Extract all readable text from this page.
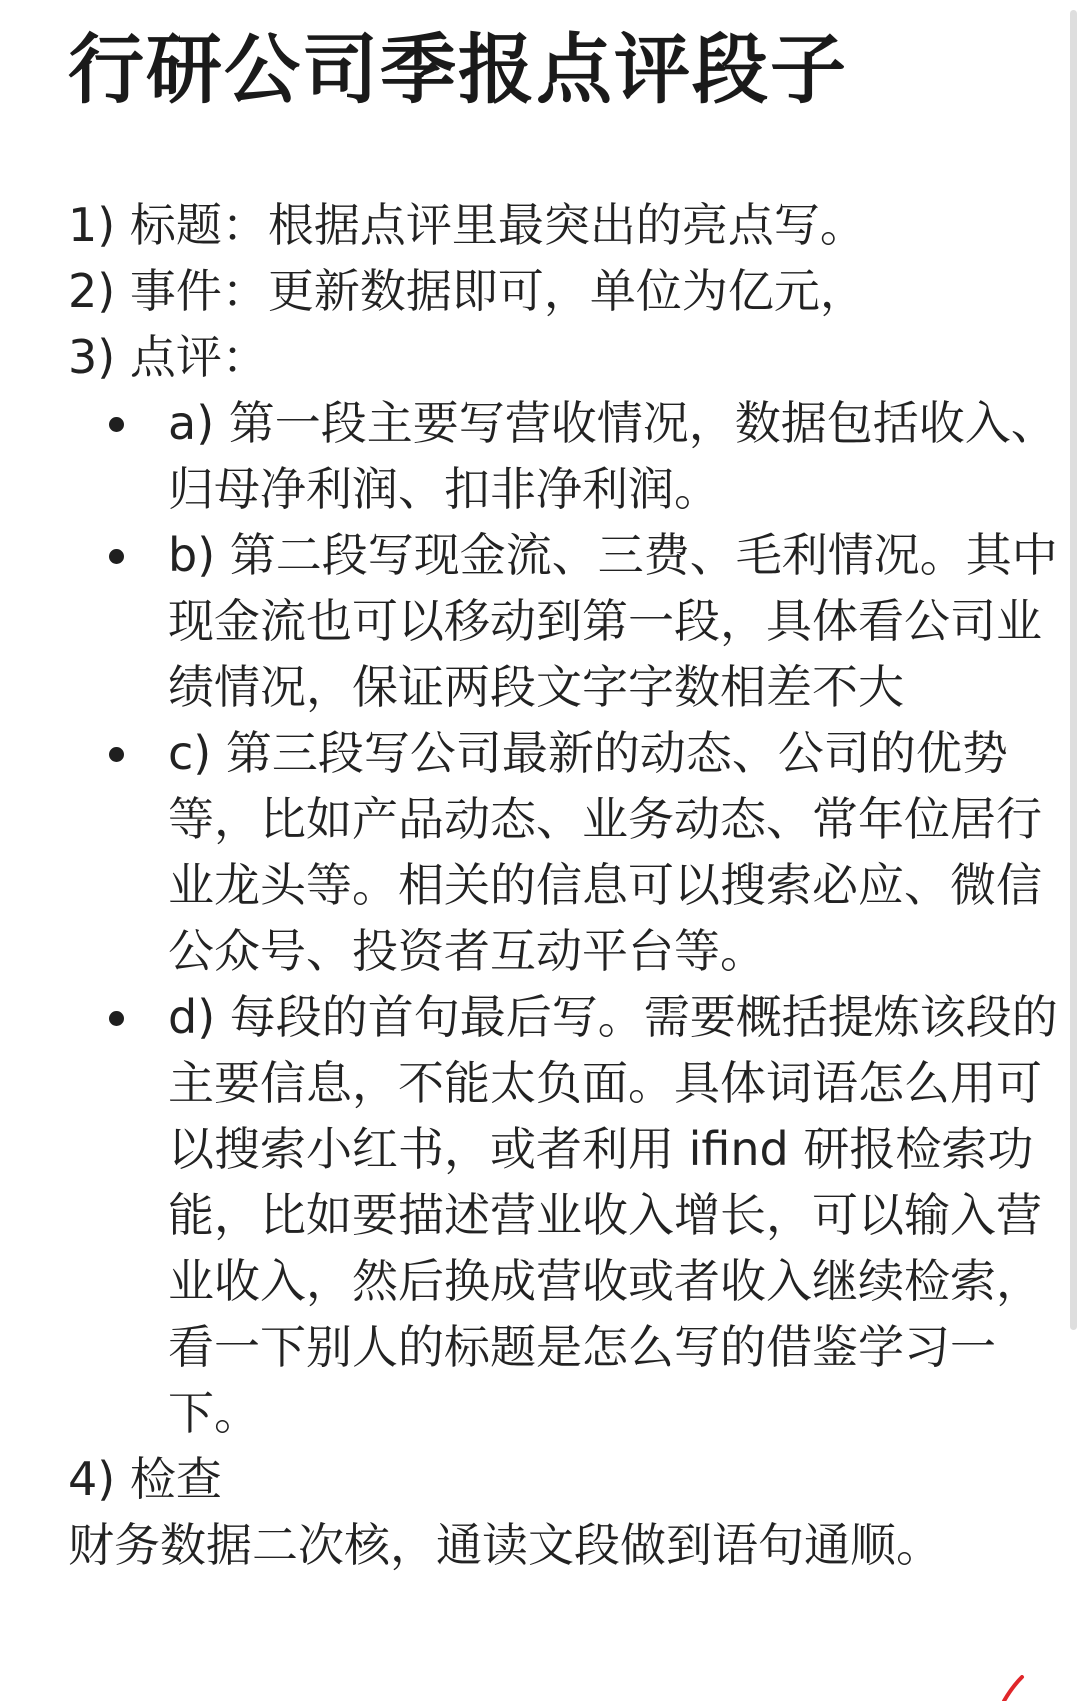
行研公司季报点评段子
1) 标题：根据点评里最突出的亮点写。
2) 事件：更新数据即可，单位为亿元，
3) 点评：
a) 第一段主要写营收情况，数据包括收入、归母净利润、扣非净利润。
b) 第二段写现金流、三费、毛利情况。其中现金流也可以移动到第一段，具体看公司业绩情况，保证两段文字字数相差不大
c) 第三段写公司最新的动态、公司的优势等，比如产品动态、业务动态、常年位居行业龙头等。相关的信息可以搜索必应、微信公众号、投资者互动平台等。
d) 每段的首句最后写。需要概括提炼该段的主要信息，不能太负面。具体词语怎么用可以搜索小红书，或者利用 ifind 研报检索功能，比如要描述营业收入增长，可以输入营业收入，然后换成营收或者收入继续检索，看一下别人的标题是怎么写的借鉴学习一下。
4) 检查
财务数据二次核，通读文段做到语句通顺。
